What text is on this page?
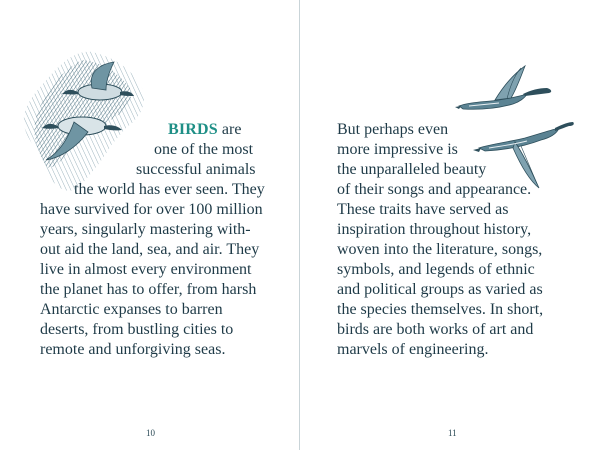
BIRDS are
one of the most
successful animals
the world has ever seen. They
have survived for over 100 million
years, singularly mastering with-
out aid the land, sea, and air. They
live in almost every environment
the planet has to offer, from harsh
Antarctic expanses to barren
deserts, from bustling cities to
remote and unforgiving seas.
10
But perhaps even
more impressive is
the unparalleled beauty
of their songs and appearance.
These traits have served as
inspiration throughout history,
woven into the literature, songs,
symbols, and legends of ethnic
and political groups as varied as
the species themselves. In short,
birds are both works of art and
marvels of engineering.
11
